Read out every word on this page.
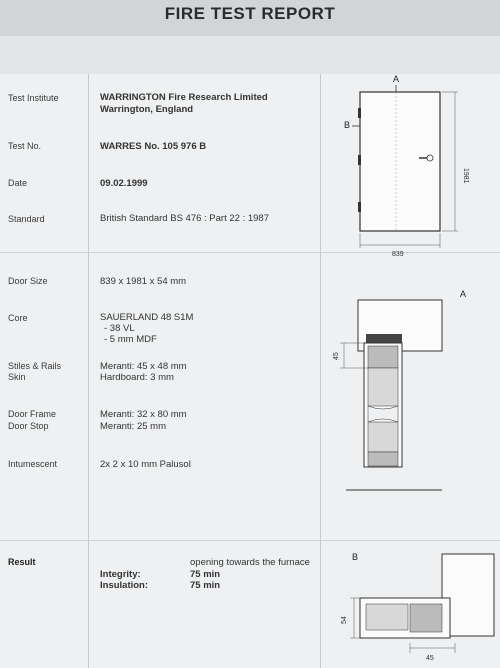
FIRE TEST REPORT
Test Institute	WARRINGTON Fire Research Limited
Warrington, England
Test No.	WARRES No. 105 976 B
Date	09.02.1999
Standard	British Standard BS 476 : Part 22 : 1987
Door Size	839 x 1981 x 54 mm
Core	SAUERLAND 48 S1M
- 38 VL
- 5 mm MDF
Stiles & Rails	Meranti: 45 x 48 mm
Skin	Hardboard: 3 mm
Door Frame	Meranti: 32 x 80 mm
Door Stop	Meranti: 25 mm
Intumescent	2x 2 x 10 mm Palusol
Result	opening towards the furnace
Integrity:	75 min
Insulation:	75 min
A
B
839
1981
A
45
B
54
45
